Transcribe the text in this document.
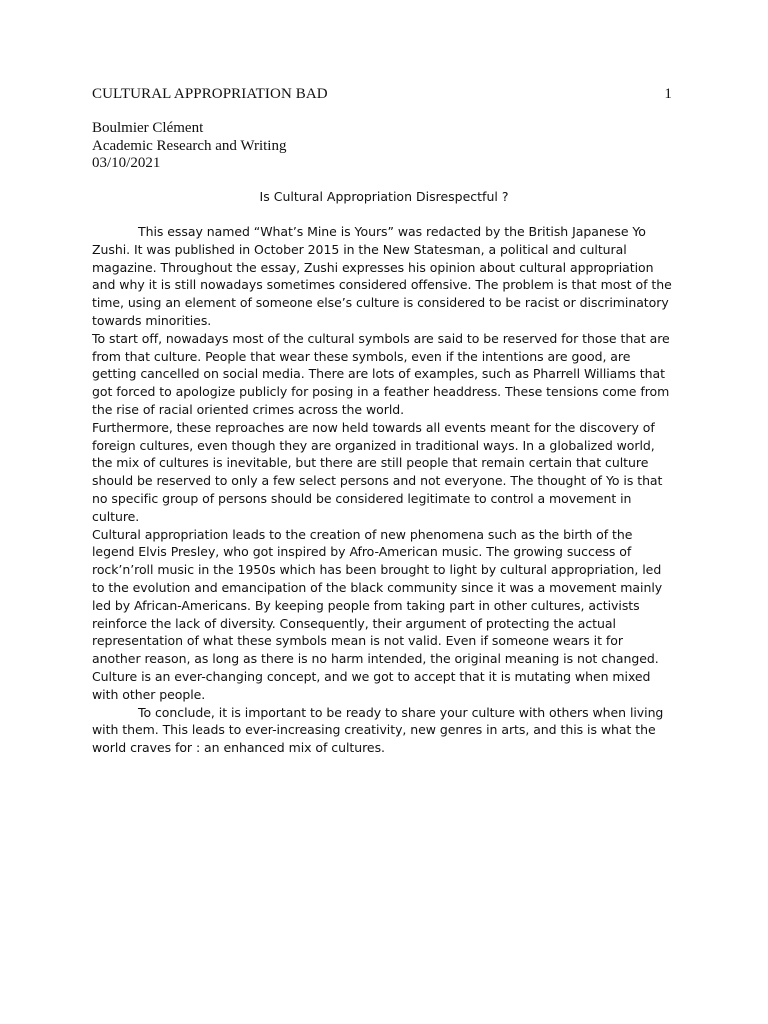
CULTURAL APPROPRIATION BAD	1
Boulmier Clément
Academic Research and Writing
03/10/2021
Is Cultural Appropriation Disrespectful ?
This essay named “What’s Mine is Yours” was redacted by the British Japanese Yo
Zushi. It was published in October 2015 in the New Statesman, a political and cultural
magazine. Throughout the essay, Zushi expresses his opinion about cultural appropriation
and why it is still nowadays sometimes considered offensive. The problem is that most of the
time, using an element of someone else’s culture is considered to be racist or discriminatory
towards minorities.
To start off, nowadays most of the cultural symbols are said to be reserved for those that are
from that culture. People that wear these symbols, even if the intentions are good, are
getting cancelled on social media. There are lots of examples, such as Pharrell Williams that
got forced to apologize publicly for posing in a feather headdress. These tensions come from
the rise of racial oriented crimes across the world.
Furthermore, these reproaches are now held towards all events meant for the discovery of
foreign cultures, even though they are organized in traditional ways. In a globalized world,
the mix of cultures is inevitable, but there are still people that remain certain that culture
should be reserved to only a few select persons and not everyone. The thought of Yo is that
no specific group of persons should be considered legitimate to control a movement in
culture.
Cultural appropriation leads to the creation of new phenomena such as the birth of the
legend Elvis Presley, who got inspired by Afro-American music. The growing success of
rock’n’roll music in the 1950s which has been brought to light by cultural appropriation, led
to the evolution and emancipation of the black community since it was a movement mainly
led by African-Americans. By keeping people from taking part in other cultures, activists
reinforce the lack of diversity. Consequently, their argument of protecting the actual
representation of what these symbols mean is not valid. Even if someone wears it for
another reason, as long as there is no harm intended, the original meaning is not changed.
Culture is an ever-changing concept, and we got to accept that it is mutating when mixed
with other people.
To conclude, it is important to be ready to share your culture with others when living
with them. This leads to ever-increasing creativity, new genres in arts, and this is what the
world craves for : an enhanced mix of cultures.
